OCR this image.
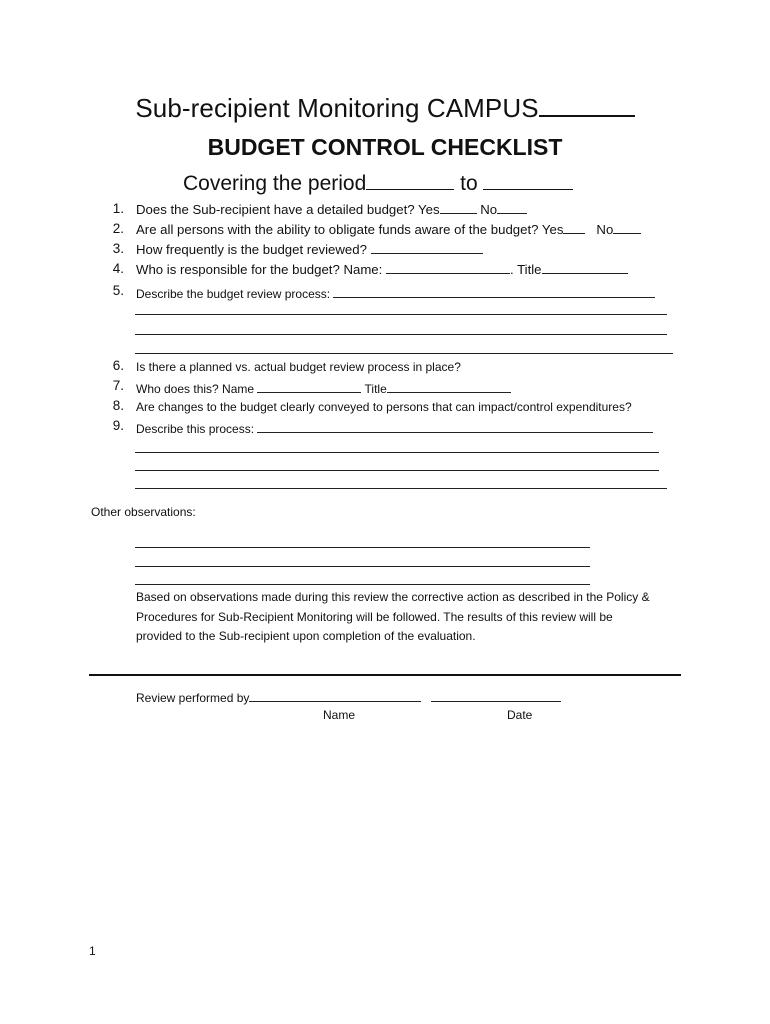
Sub-recipient Monitoring CAMPUS
BUDGET CONTROL CHECKLIST
Covering the period	to
1. Does the Sub-recipient have a detailed budget? Yes	No
2. Are all persons with the ability to obligate funds aware of the budget? Yes	No
3. How frequently is the budget reviewed?
4. Who is responsible for the budget? Name:	. Title
5. Describe the budget review process:
6. Is there a planned vs. actual budget review process in place?
7. Who does this? Name	Title
8. Are changes to the budget clearly conveyed to persons that can impact/control expenditures?
9. Describe this process:
Other observations:
Based on observations made during this review the corrective action as described in the Policy &
Procedures for Sub-Recipient Monitoring will be followed. The results of this review will be
provided to the Sub-recipient upon completion of the evaluation.
Review performed by
Name	Date
1
